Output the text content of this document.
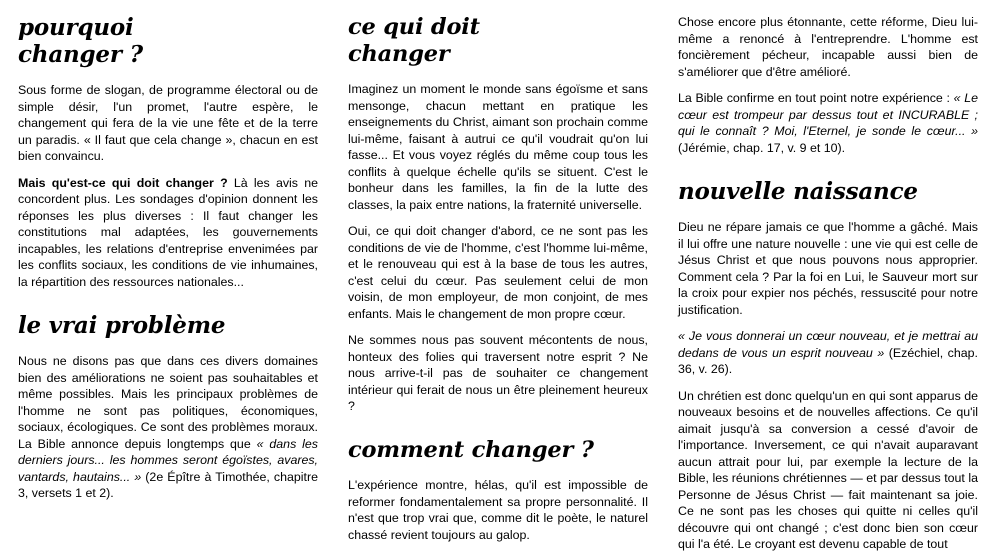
pourquoi
changer ?

Sous forme de slogan, de programme électoral ou de simple désir, l'un promet, l'autre espère, le changement qui fera de la vie une fête et de la terre un paradis. « Il faut que cela change », chacun en est bien convaincu.

Mais qu'est-ce qui doit changer ? Là les avis ne concordent plus. Les sondages d'opinion donnent les réponses les plus diverses : Il faut changer les constitutions mal adaptées, les gouvernements incapables, les relations d'entreprise envenimées par les conflits sociaux, les conditions de vie inhumaines, la répartition des ressources nationales...

le vrai problème

Nous ne disons pas que dans ces divers domaines bien des améliorations ne soient pas souhaitables et même possibles. Mais les principaux problèmes de l'homme ne sont pas politiques, économiques, sociaux, écologiques. Ce sont des problèmes moraux. La Bible annonce depuis longtemps que « dans les derniers jours... les hommes seront égoïstes, avares, vantards, hautains... » (2e Épître à Timothée, chapitre 3, versets 1 et 2).

ce qui doit
changer

Imaginez un moment le monde sans égoïsme et sans mensonge, chacun mettant en pratique les enseignements du Christ, aimant son prochain comme lui-même, faisant à autrui ce qu'il voudrait qu'on lui fasse... Et vous voyez réglés du même coup tous les conflits à quelque échelle qu'ils se situent. C'est le bonheur dans les familles, la fin de la lutte des classes, la paix entre nations, la fraternité universelle.

Oui, ce qui doit changer d'abord, ce ne sont pas les conditions de vie de l'homme, c'est l'homme lui-même, et le renouveau qui est à la base de tous les autres, c'est celui du cœur. Pas seulement celui de mon voisin, de mon employeur, de mon conjoint, de mes enfants. Mais le changement de mon propre cœur.

Ne sommes nous pas souvent mécontents de nous, honteux des folies qui traversent notre esprit ? Ne nous arrive-t-il pas de souhaiter ce changement intérieur qui ferait de nous un être pleinement heureux ?

comment changer ?

L'expérience montre, hélas, qu'il est impossible de reformer fondamentalement sa propre personnalité. Il n'est que trop vrai que, comme dit le poète, le naturel chassé revient toujours au galop.

Chose encore plus étonnante, cette réforme, Dieu lui-même a renoncé à l'entreprendre. L'homme est foncièrement pécheur, incapable aussi bien de s'améliorer que d'être amélioré.

La Bible confirme en tout point notre expérience : « Le cœur est trompeur par dessus tout et INCURABLE ; qui le connaît ? Moi, l'Eternel, je sonde le cœur... » (Jérémie, chap. 17, v. 9 et 10).

nouvelle naissance

Dieu ne répare jamais ce que l'homme a gâché. Mais il lui offre une nature nouvelle : une vie qui est celle de Jésus Christ et que nous pouvons nous approprier. Comment cela ? Par la foi en Lui, le Sauveur mort sur la croix pour expier nos péchés, ressuscité pour notre justification.

« Je vous donnerai un cœur nouveau, et je mettrai au dedans de vous un esprit nouveau » (Ezéchiel, chap. 36, v. 26).

Un chrétien est donc quelqu'un en qui sont apparus de nouveaux besoins et de nouvelles affections. Ce qu'il aimait jusqu'à sa conversion a cessé d'avoir de l'importance. Inversement, ce qui n'avait auparavant aucun attrait pour lui, par exemple la lecture de la Bible, les réunions chrétiennes — et par dessus tout la Personne de Jésus Christ — fait maintenant sa joie. Ce ne sont pas les choses qui quitte ni celles qu'il découvre qui ont changé ; c'est donc bien son cœur qui l'a été. Le croyant est devenu capable de tout
